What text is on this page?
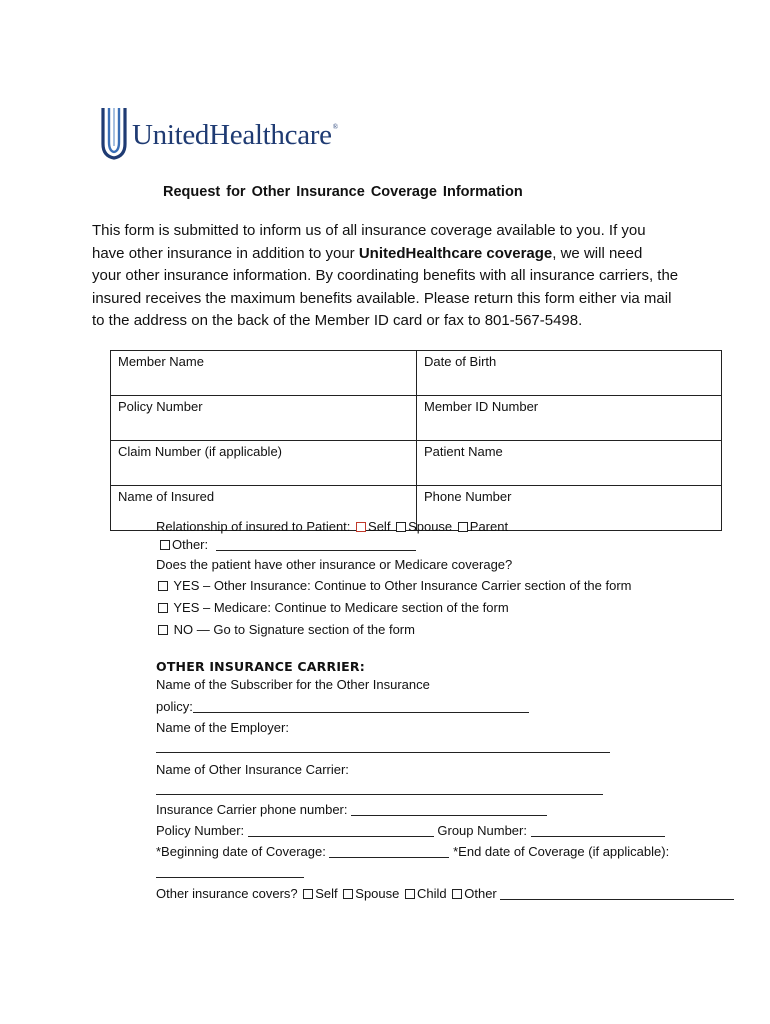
UnitedHealthcare®
Request for Other Insurance Coverage Information

This form is submitted to inform us of all insurance coverage available to you. If you

have other insurance in addition to your UnitedHealthcare coverage, we will need

your other insurance information. By coordinating benefits with all insurance carriers, the

insured receives the maximum benefits available. Please return this form either via mail

to the address on the back of the Member ID card or fax to 801-567-5498.

Member Name	Date of Birth
Policy Number	Member ID Number
Claim Number (if applicable)	Patient Name
Name of Insured	Phone Number
Relationship of insured to Patient: Self Spouse Parent
Other:
Does the patient have other insurance or Medicare coverage?
YES – Other Insurance: Continue to Other Insurance Carrier section of the form
YES – Medicare: Continue to Medicare section of the form
NO — Go to Signature section of the form
OTHER INSURANCE CARRIER:
Name of the Subscriber for the Other Insurance
policy:
Name of the Employer:
Name of Other Insurance Carrier:
Insurance Carrier phone number:
Policy Number:	Group Number:
*Beginning date of Coverage:	*End date of Coverage (if applicable):
Other insurance covers? Self Spouse Child Other
